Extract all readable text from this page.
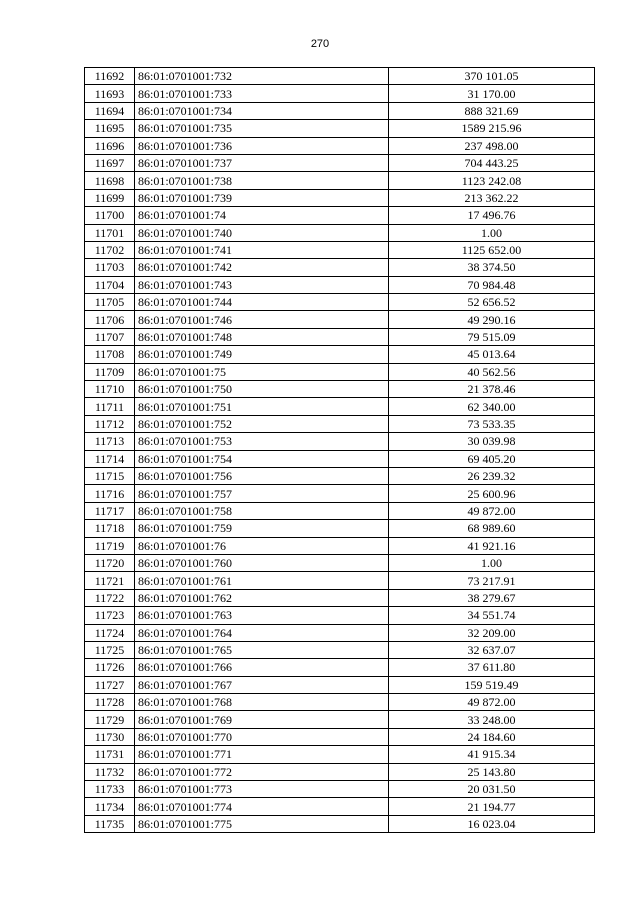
270
11692	86:01:0701001:732	370 101.05
11693	86:01:0701001:733	31 170.00
11694	86:01:0701001:734	888 321.69
11695	86:01:0701001:735	1589 215.96
11696	86:01:0701001:736	237 498.00
11697	86:01:0701001:737	704 443.25
11698	86:01:0701001:738	1123 242.08
11699	86:01:0701001:739	213 362.22
11700	86:01:0701001:74	17 496.76
11701	86:01:0701001:740	1.00
11702	86:01:0701001:741	1125 652.00
11703	86:01:0701001:742	38 374.50
11704	86:01:0701001:743	70 984.48
11705	86:01:0701001:744	52 656.52
11706	86:01:0701001:746	49 290.16
11707	86:01:0701001:748	79 515.09
11708	86:01:0701001:749	45 013.64
11709	86:01:0701001:75	40 562.56
11710	86:01:0701001:750	21 378.46
11711	86:01:0701001:751	62 340.00
11712	86:01:0701001:752	73 533.35
11713	86:01:0701001:753	30 039.98
11714	86:01:0701001:754	69 405.20
11715	86:01:0701001:756	26 239.32
11716	86:01:0701001:757	25 600.96
11717	86:01:0701001:758	49 872.00
11718	86:01:0701001:759	68 989.60
11719	86:01:0701001:76	41 921.16
11720	86:01:0701001:760	1.00
11721	86:01:0701001:761	73 217.91
11722	86:01:0701001:762	38 279.67
11723	86:01:0701001:763	34 551.74
11724	86:01:0701001:764	32 209.00
11725	86:01:0701001:765	32 637.07
11726	86:01:0701001:766	37 611.80
11727	86:01:0701001:767	159 519.49
11728	86:01:0701001:768	49 872.00
11729	86:01:0701001:769	33 248.00
11730	86:01:0701001:770	24 184.60
11731	86:01:0701001:771	41 915.34
11732	86:01:0701001:772	25 143.80
11733	86:01:0701001:773	20 031.50
11734	86:01:0701001:774	21 194.77
11735	86:01:0701001:775	16 023.04
